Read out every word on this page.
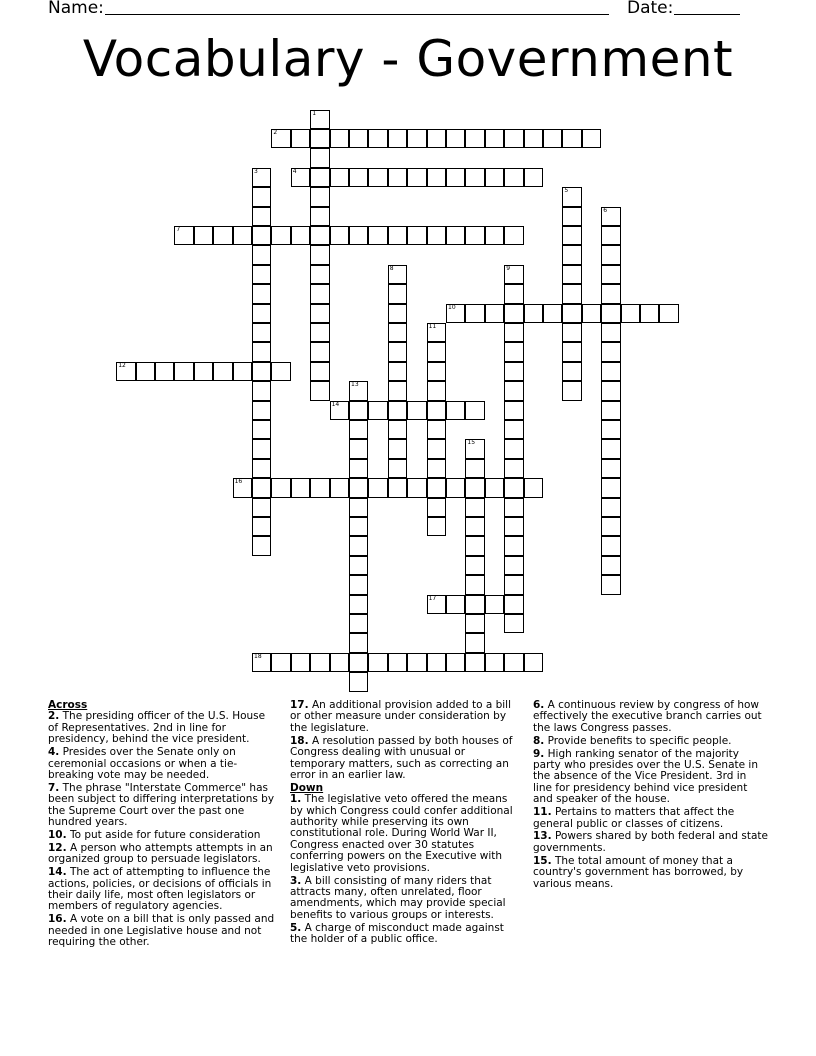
Name:	Date:
Vocabulary - Government
1
2
3	4
5
6
7
8	9
10
11
12
13
14
15
16
17
18
Across
2. The presiding officer of the U.S. House of Representatives. 2nd in line for presidency, behind the vice president.
4. Presides over the Senate only on ceremonial occasions or when a tie-breaking vote may be needed.
7. The phrase "Interstate Commerce" has been subject to differing interpretations by the Supreme Court over the past one hundred years.
10. To put aside for future consideration
12. A person who attempts attempts in an organized group to persuade legislators.
14. The act of attempting to influence the actions, policies, or decisions of officials in their daily life, most often legislators or members of regulatory agencies.
16. A vote on a bill that is only passed and needed in one Legislative house and not requiring the other.
17. An additional provision added to a bill or other measure under consideration by the legislature.
18. A resolution passed by both houses of Congress dealing with unusual or temporary matters, such as correcting an error in an earlier law.
Down
1. The legislative veto offered the means by which Congress could confer additional authority while preserving its own constitutional role. During World War II, Congress enacted over 30 statutes conferring powers on the Executive with legislative veto provisions.
3. A bill consisting of many riders that attracts many, often unrelated, floor amendments, which may provide special benefits to various groups or interests.
5. A charge of misconduct made against the holder of a public office.
6. A continuous review by congress of how effectively the executive branch carries out the laws Congress passes.
8. Provide benefits to specific people.
9. High ranking senator of the majority party who presides over the U.S. Senate in the absence of the Vice President. 3rd in line for presidency behind vice president and speaker of the house.
11. Pertains to matters that affect the general public or classes of citizens.
13. Powers shared by both federal and state governments.
15. The total amount of money that a country's government has borrowed, by various means.
